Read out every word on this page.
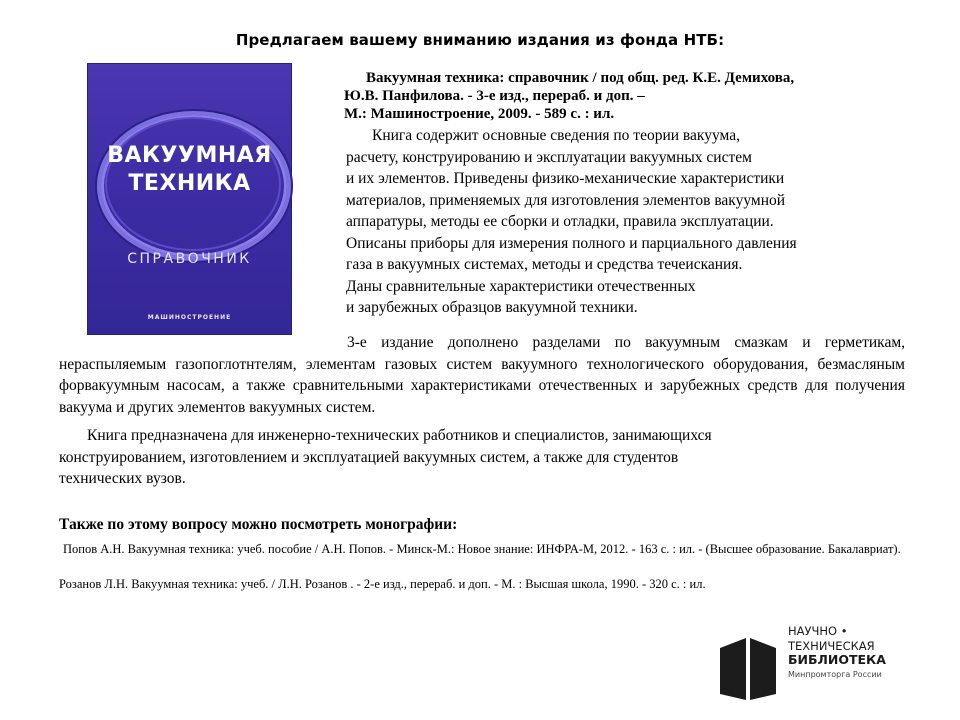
Предлагаем вашему вниманию издания из фонда НТБ:
ВАКУУМНАЯ
ТЕХНИКА
СПРАВОЧНИК
МАШИНОСТРОЕНИЕ
Вакуумная техника: справочник / под общ. ред. К.Е. Демихова,
Ю.В. Панфилова. - 3-е изд., перераб. и доп. –
М.: Машиностроение, 2009. - 589 с. : ил.
Книга содержит основные сведения по теории вакуума,
расчету, конструированию и эксплуатации вакуумных систем
и их элементов. Приведены физико-механические характеристики
материалов, применяемых для изготовления элементов вакуумной
аппаратуры, методы ее сборки и отладки, правила эксплуатации.
Описаны приборы для измерения полного и парциального давления
газа в вакуумных системах, методы и средства течеискания.
Даны сравнительные характеристики отечественных
и зарубежных образцов вакуумной техники.
3-е издание дополнено разделами по вакуумным смазкам и герметикам, нераспыляемым газопоглотнтелям, элементам газовых систем вакуумного технологического оборудования, безмасляным форвакуумным насосам, а также сравнительными характеристиками отечественных и зарубежных средств для получения вакуума и других элементов вакуумных систем.
Книга предназначена для инженерно-технических работников и специалистов, занимающихся
конструированием, изготовлением и эксплуатацией вакуумных систем, а также для студентов
технических вузов.
Также по этому вопросу можно посмотреть монографии:
Попов А.Н. Вакуумная техника: учеб. пособие / А.Н. Попов. - Минск-М.: Новое знание: ИНФРА-М, 2012. - 163 с. : ил. - (Высшее образование. Бакалавриат).
Розанов Л.Н. Вакуумная техника: учеб. / Л.Н. Розанов . - 2-е изд., перераб. и доп. - М. : Высшая школа, 1990. - 320 с. : ил.
НАУЧНО •
ТЕХНИЧЕСКАЯ
БИБЛИОТЕКА
Минпромторга России
